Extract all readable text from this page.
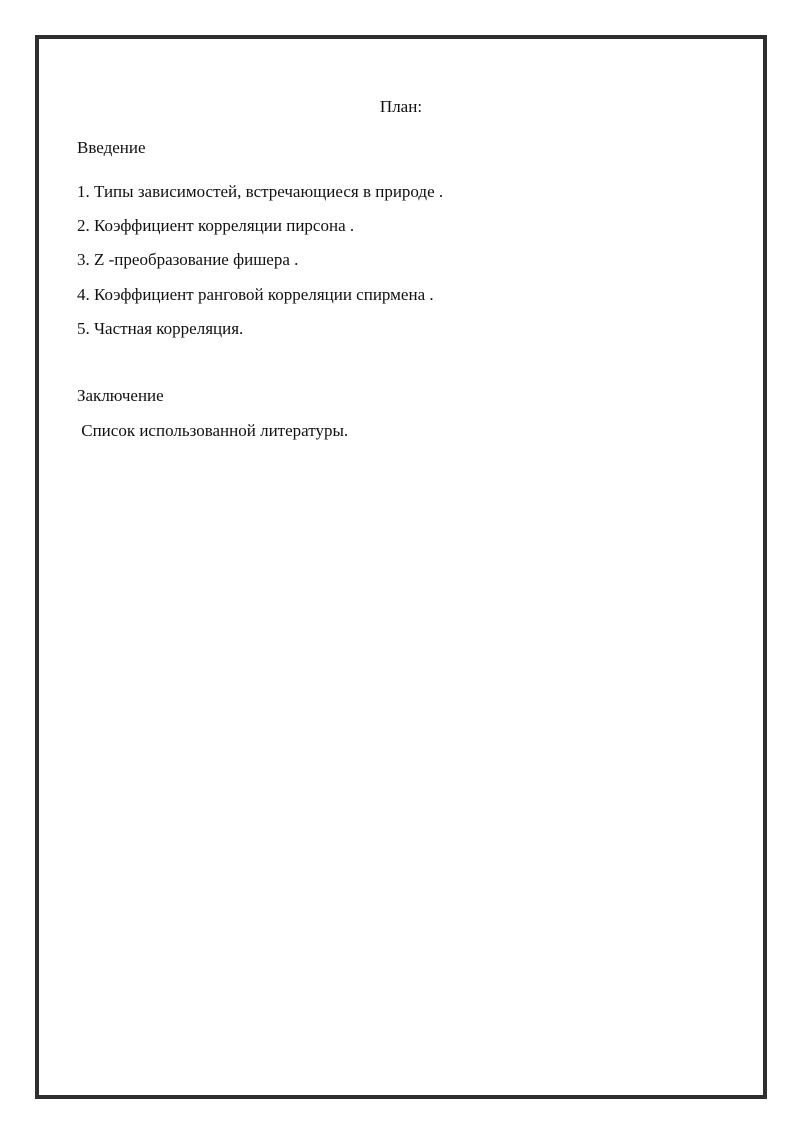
План:
Введение
1. Типы зависимостей, встречающиеся в природе .
2. Коэффициент корреляции пирсона .
3. Z -преобразование фишера .
4. Коэффициент ранговой корреляции спирмена .
5. Частная корреляция.
Заключение
Список использованной литературы.
